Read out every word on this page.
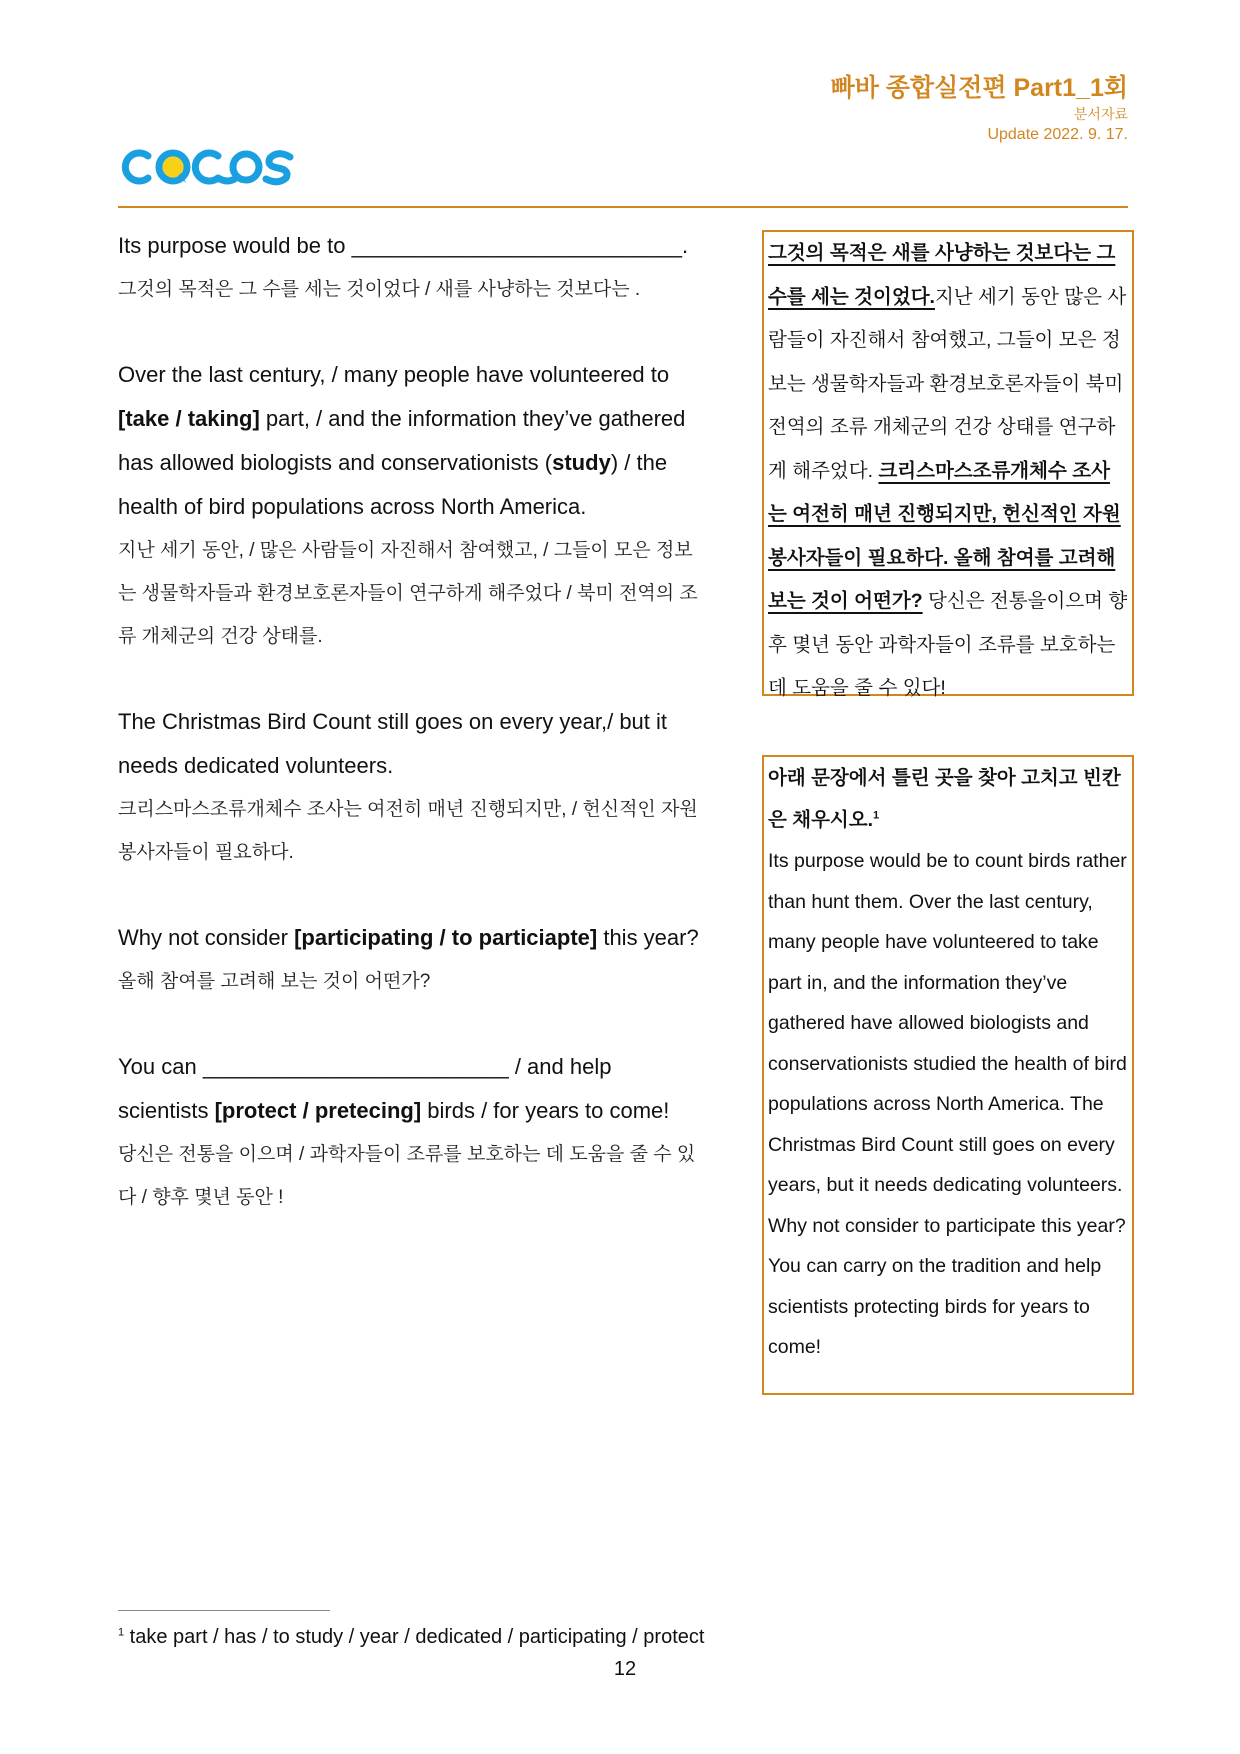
빠바 종합실전편 Part1_1회
분서자료
Update 2022. 9. 17.

Its purpose would be to ___________________________.

그것의 목적은 그 수를 세는 것이었다 / 새를 사냥하는 것보다는 .

Over the last century, / many people have volunteered to [take / taking] part, / and the information they’ve gathered has allowed biologists and conservationists (study) / the health of bird populations across North America.

지난 세기 동안, / 많은 사람들이 자진해서 참여했고, / 그들이 모은 정보는 생물학자들과 환경보호론자들이 연구하게 해주었다 / 북미 전역의 조류 개체군의 건강 상태를.

The Christmas Bird Count still goes on every year,/ but it needs dedicated volunteers.

크리스마스조류개체수 조사는 여전히 매년 진행되지만, / 헌신적인 자원봉사자들이 필요하다.

Why not consider [participating / to particiapte] this year?

올해 참여를 고려해 보는 것이 어떤가?

You can _________________________ / and help scientists [protect / pretecing] birds / for years to come!

당신은 전통을 이으며 / 과학자들이 조류를 보호하는 데 도움을 줄 수 있다 / 향후 몇년 동안 !

그것의 목적은 새를 사냥하는 것보다는 그 수를 세는 것이었다.지난 세기 동안 많은 사람들이 자진해서 참여했고, 그들이 모은 정보는 생물학자들과 환경보호론자들이 북미 전역의 조류 개체군의 건강 상태를 연구하게 해주었다. 크리스마스조류개체수 조사는 여전히 매년 진행되지만, 헌신적인 자원봉사자들이 필요하다. 올해 참여를 고려해 보는 것이 어떤가? 당신은 전통을이으며 향후 몇년 동안 과학자들이 조류를 보호하는 데 도움을 줄 수 있다!

아래 문장에서 틀린 곳을 찾아 고치고 빈칸은 채우시오.$^1$

Its purpose would be to count birds rather than hunt them. Over the last century, many people have volunteered to take part in, and the information they’ve gathered have allowed biologists and conservationists studied the health of bird populations across North America. The Christmas Bird Count still goes on every years, but it needs dedicating volunteers. Why not consider to participate this year? You can carry on the tradition and help scientists protecting birds for years to come!

$^1$ take part / has / to study / year / dedicated / participating / protect
12
